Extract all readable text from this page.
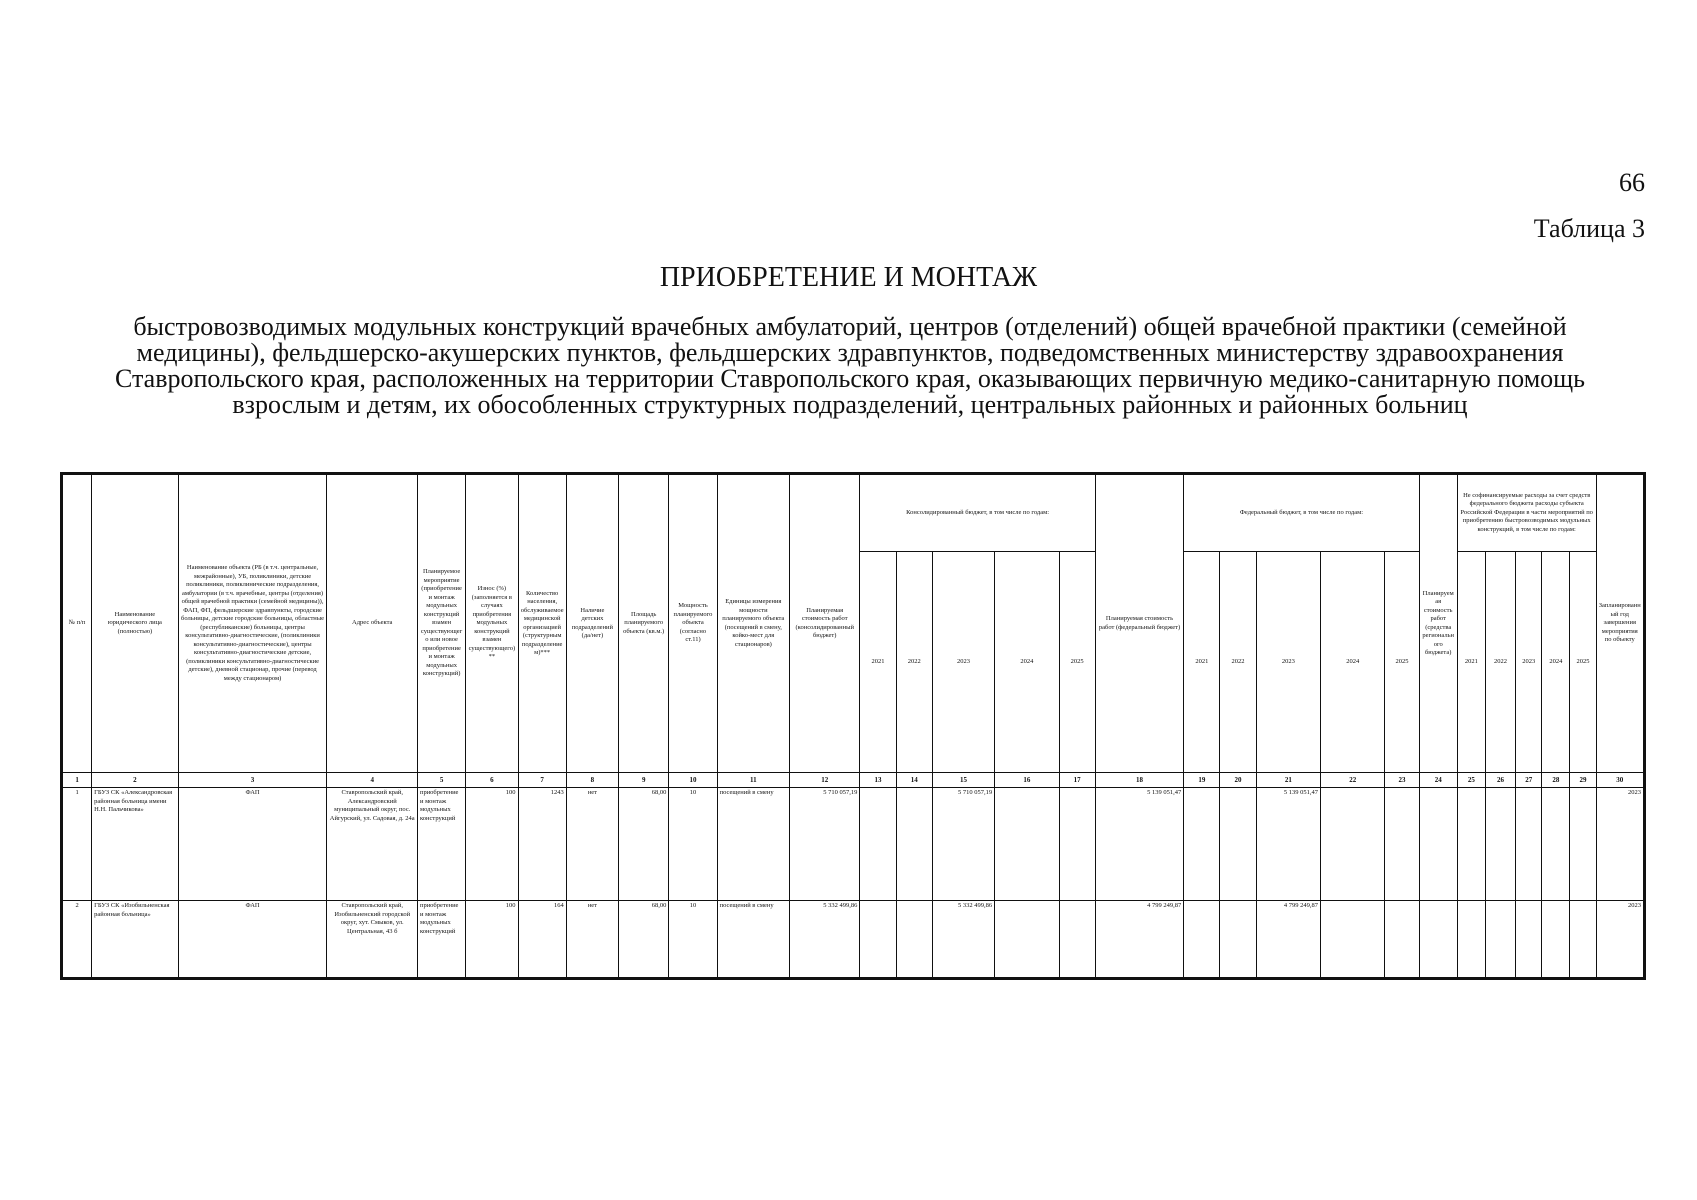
66
Таблица 3
ПРИОБРЕТЕНИЕ И МОНТАЖ
быстровозводимых модульных конструкций врачебных амбулаторий, центров (отделений) общей врачебной практики (семейной медицины), фельдшерско-акушерских пунктов, фельдшерских здравпунктов, подведомственных министерству здравоохранения Ставропольского края, расположенных на территории Ставропольского края, оказывающих первичную медико-санитарную помощь взрослым и детям, их обособленных структурных подразделений, центральных районных и районных больниц
№ п/п	Наименование юридического лица (полностью)	Наименование объекта (РБ (в т.ч. центральные, межрайонные), УБ, поликлиники, детские поликлиники, поликлинические подразделения, амбулатории (в т.ч. врачебные, центры (отделения) общей врачебной практики (семейной медицины)), ФАП, ФП, фельдшерские здравпункты, городские больницы, детские городские больницы, областные (республиканские) больницы, центры консультативно-диагностические, (поликлиники консультативно-диагностические), центры консультативно-диагностические детские, (поликлиники консультативно-диагностические детские), дневной стационар, прочие (перевод между стационаром)	Адрес объекта	Планируемое мероприятие (приобретение и монтаж модульных конструкций взамен существующего или новое приобретение и монтаж модульных конструкций)	Износ (%) (заполняется в случаях приобретения модульных конструкций взамен существующего)**	Количество населения, обслуживаемое медицинской организацией (структурным подразделением)***	Наличие детских подразделений (да/нет)	Площадь планируемого объекта (кв.м.)	Мощность планируемого объекта (согласно ст.11)	Единицы измерения мощности планируемого объекта (посещений в смену, койко-мест для стационаров)	Планируемая стоимость работ (консолидированный бюджет)	Консолидированный бюджет, в том числе по годам:					Планируемая стоимость работ (федеральный бюджет)	Федеральный бюджет, в том числе по годам:					Планируемая стоимость работ (средства регионального бюджета)	Не софинансируемые расходы за счет средств федерального бюджета расходы субъекта Российской Федерации в части мероприятий по приобретению быстровозводимых модульных конструкций, в том числе по годам:					Запланированный год завершения мероприятия по объекту
												2021	2022	2023	2024	2025		2021	2022	2023	2024	2025		2021	2022	2023	2024	2025	
1	2	3	4	5	6	7	8	9	10	11	12	13	14	15	16	17	18	19	20	21	22	23	24	25	26	27	28	29	30
1	ГБУЗ СК «Александровская районная больница имени Н.Н. Пальчикова»	ФАП	Ставропольский край, Александровский муниципальный округ, пос. Айгурский, ул. Садовая, д. 24а	приобретение и монтаж модульных конструкций	100	1243	нет	68,00	10	посещений в смену	5 710 057,19			5 710 057,19			5 139 051,47			5 139 051,47									2023
2	ГБУЗ СК «Изобильненская районная больница»	ФАП	Ставропольский край, Изобильненский городской округ, хут. Смыков, ул. Центральная, 43 б	приобретение и монтаж модульных конструкций	100	164	нет	68,00	10	посещений в смену	5 332 499,86			5 332 499,86			4 799 249,87			4 799 249,87									2023
